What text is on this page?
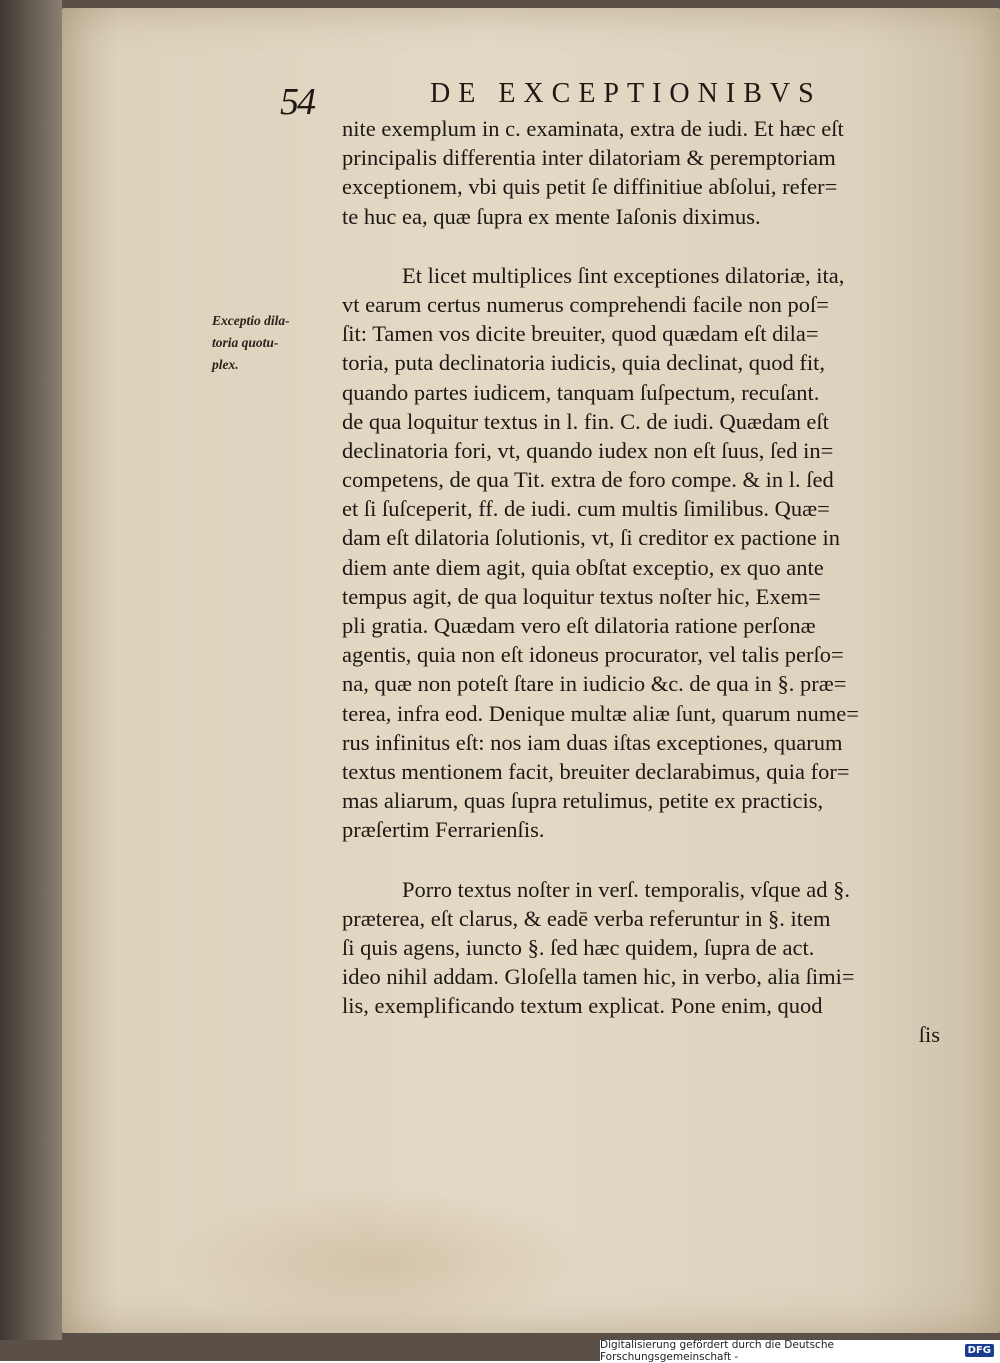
54	DE EXCEPTIONIBVS
Exceptio dila-
toria quotu-
plex.
nite exemplum in c. examinata, extra de iudi. Et hæc eſt
principalis differentia inter dilatoriam & peremptoriam
exceptionem, vbi quis petit ſe diffinitiue abſolui, refer=
te huc ea, quæ ſupra ex mente Iaſonis diximus.
Et licet multiplices ſint exceptiones dilatoriæ, ita,
vt earum certus numerus comprehendi facile non poſ=
ſit: Tamen vos dicite breuiter, quod quædam eſt dila=
toria, puta declinatoria iudicis, quia declinat, quod fit,
quando partes iudicem, tanquam ſuſpectum, recuſant.
de qua loquitur textus in l. fin. C. de iudi. Quædam eſt
declinatoria fori, vt, quando iudex non eſt ſuus, ſed in=
competens, de qua Tit. extra de foro compe. & in l. ſed
et ſi ſuſceperit, ff. de iudi. cum multis ſimilibus. Quæ=
dam eſt dilatoria ſolutionis, vt, ſi creditor ex pactione in
diem ante diem agit, quia obſtat exceptio, ex quo ante
tempus agit, de qua loquitur textus noſter hic, Exem=
pli gratia. Quædam vero eſt dilatoria ratione perſonæ
agentis, quia non eſt idoneus procurator, vel talis perſo=
na, quæ non poteſt ſtare in iudicio &c. de qua in §. præ=
terea, infra eod. Denique multæ aliæ ſunt, quarum nume=
rus infinitus eſt: nos iam duas iſtas exceptiones, quarum
textus mentionem facit, breuiter declarabimus, quia for=
mas aliarum, quas ſupra retulimus, petite ex practicis,
præſertim Ferrarienſis.
Porro textus noſter in verſ. temporalis, vſque ad §.
præterea, eſt clarus, & eadē verba referuntur in §. item
ſi quis agens, iuncto §. ſed hæc quidem, ſupra de act.
ideo nihil addam. Gloſella tamen hic, in verbo, alia ſimi=
lis, exemplificando textum explicat. Pone enim, quod
ſis
Digitalisierung gefördert durch die Deutsche Forschungsgemeinschaft -	DFG
